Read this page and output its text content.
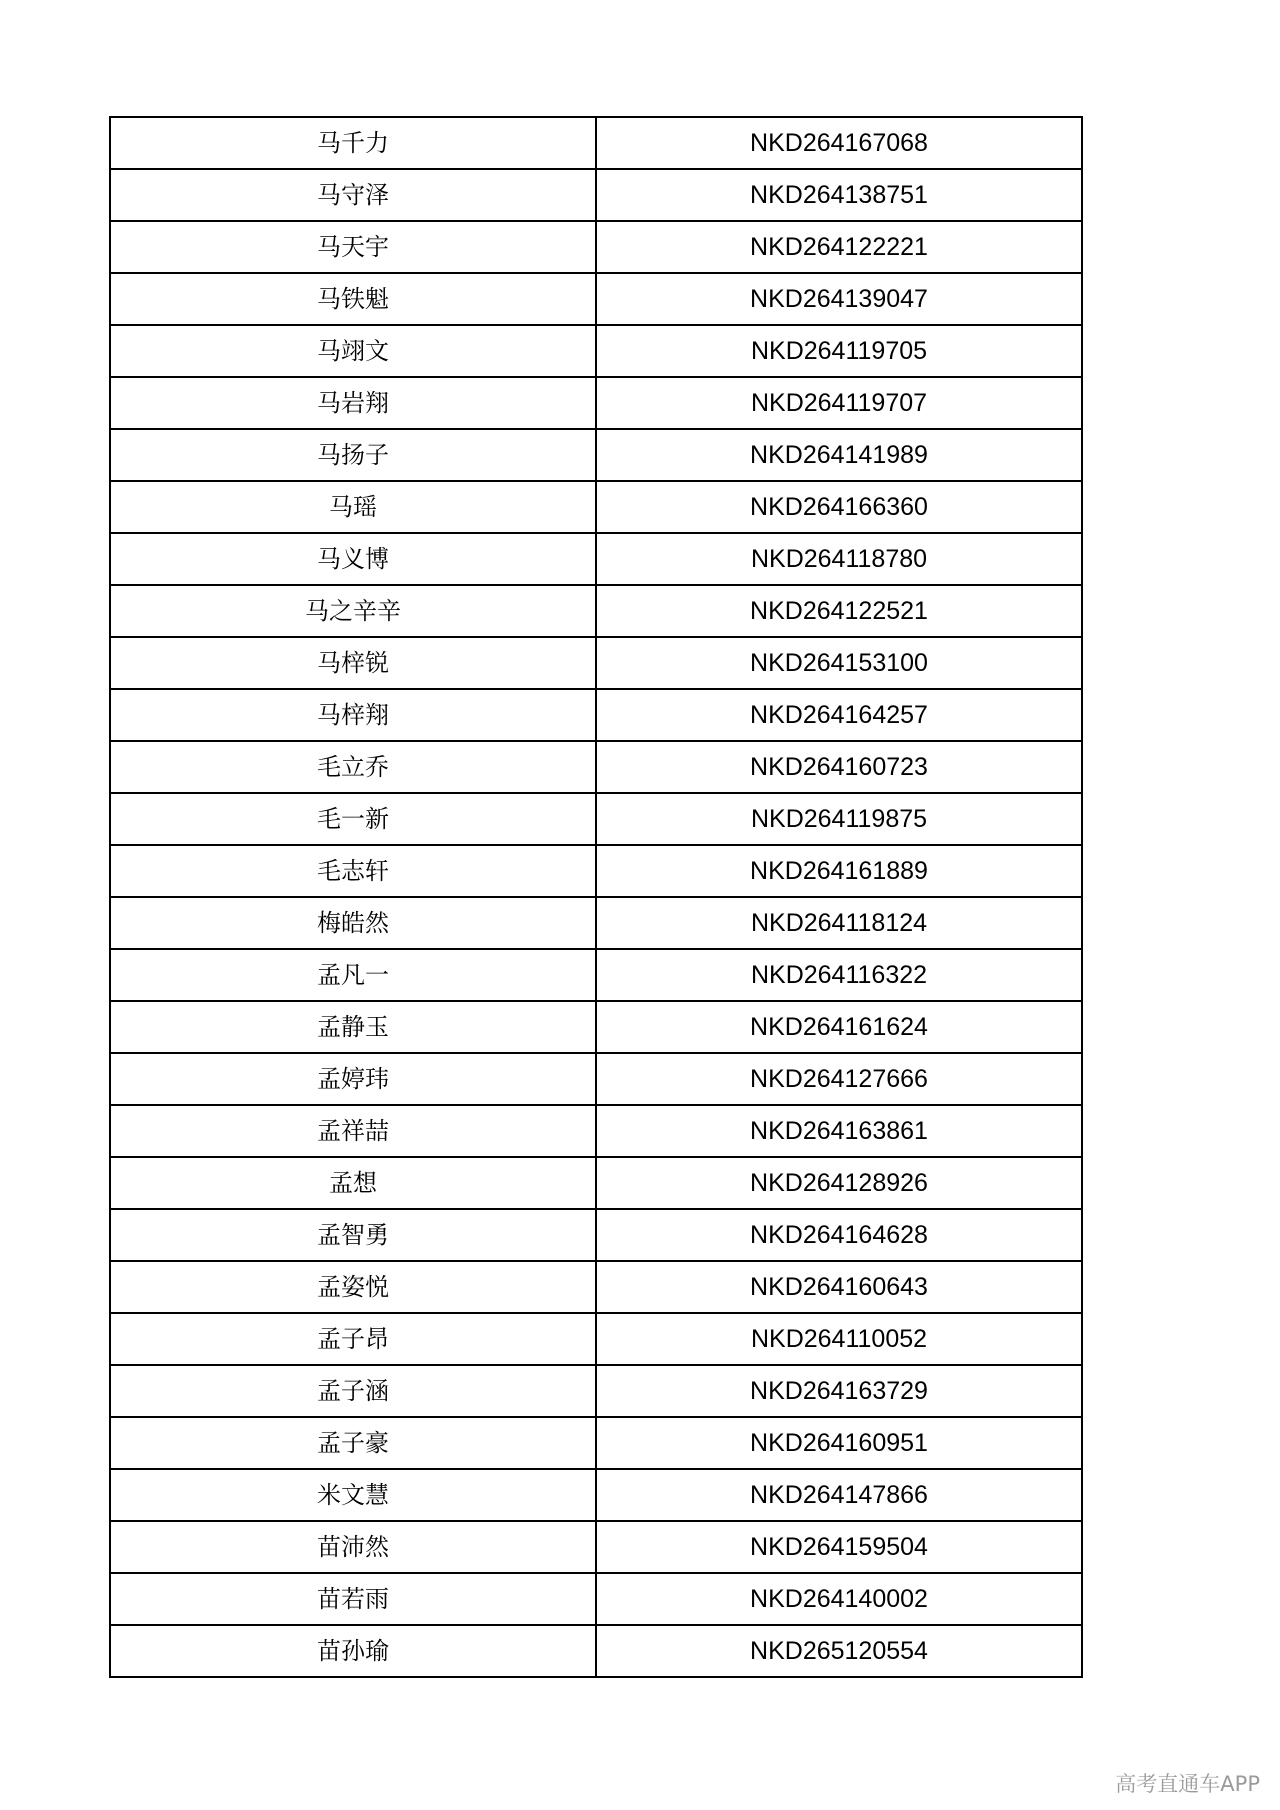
马千力	NKD264167068
马守泽	NKD264138751
马天宇	NKD264122221
马铁魁	NKD264139047
马翊文	NKD264119705
马岩翔	NKD264119707
马扬子	NKD264141989
马瑶	NKD264166360
马义博	NKD264118780
马之辛辛	NKD264122521
马梓锐	NKD264153100
马梓翔	NKD264164257
毛立乔	NKD264160723
毛一新	NKD264119875
毛志轩	NKD264161889
梅皓然	NKD264118124
孟凡一	NKD264116322
孟静玉	NKD264161624
孟婷玮	NKD264127666
孟祥喆	NKD264163861
孟想	NKD264128926
孟智勇	NKD264164628
孟姿悦	NKD264160643
孟子昂	NKD264110052
孟子涵	NKD264163729
孟子豪	NKD264160951
米文慧	NKD264147866
苗沛然	NKD264159504
苗若雨	NKD264140002
苗孙瑜	NKD265120554
高考直通车APP
